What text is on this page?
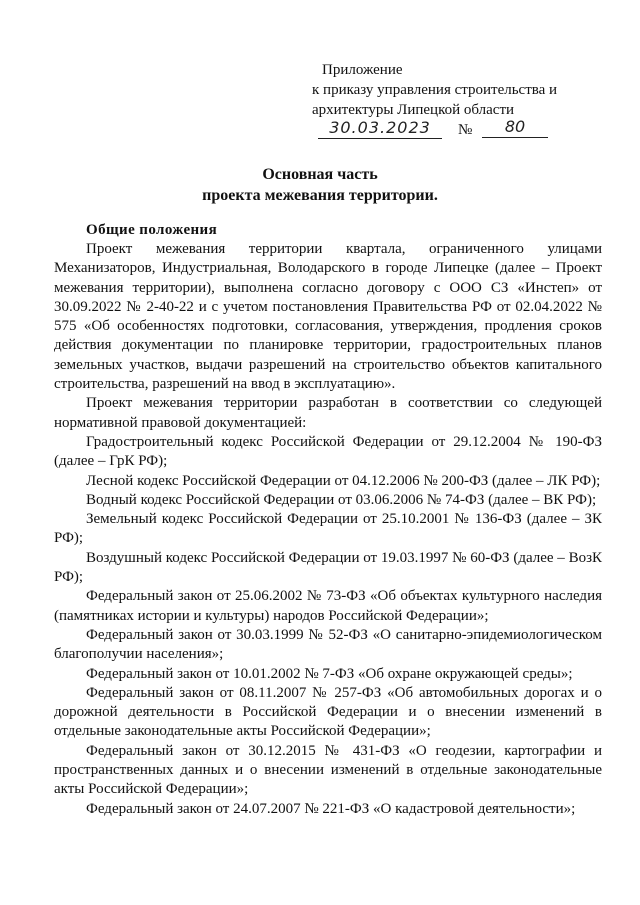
Приложение
к приказу управления строительства и
архитектуры Липецкой области
30.03.2023	№	80
Основная часть
проекта межевания территории.
Общие положения

Проект межевания территории квартала, ограниченного улицами Механизаторов, Индустриальная, Володарского в городе Липецке (далее – Проект межевания территории), выполнена согласно договору с ООО СЗ «Инстеп» от 30.09.2022 № 2-40-22 и с учетом постановления Правительства РФ от 02.04.2022 № 575 «Об особенностях подготовки, согласования, утверждения, продления сроков действия документации по планировке территории, градостроительных планов земельных участков, выдачи разрешений на строительство объектов капитального строительства, разрешений на ввод в эксплуатацию».

Проект межевания территории разработан в соответствии со следующей нормативной правовой документацией:

Градостроительный кодекс Российской Федерации от 29.12.2004 № 190-ФЗ (далее – ГрК РФ);

Лесной кодекс Российской Федерации от 04.12.2006 № 200-ФЗ (далее – ЛК РФ);

Водный кодекс Российской Федерации от 03.06.2006 № 74-ФЗ (далее – ВК РФ);

Земельный кодекс Российской Федерации от 25.10.2001 № 136-ФЗ (далее – ЗК РФ);

Воздушный кодекс Российской Федерации от 19.03.1997 № 60-ФЗ (далее – ВозК РФ);

Федеральный закон от 25.06.2002 № 73-ФЗ «Об объектах культурного наследия (памятниках истории и культуры) народов Российской Федерации»;

Федеральный закон от 30.03.1999 № 52-ФЗ «О санитарно-эпидемиологическом благополучии населения»;

Федеральный закон от 10.01.2002 № 7-ФЗ «Об охране окружающей среды»;

Федеральный закон от 08.11.2007 № 257-ФЗ «Об автомобильных дорогах и о дорожной деятельности в Российской Федерации и о внесении изменений в отдельные законодательные акты Российской Федерации»;

Федеральный закон от 30.12.2015 № 431-ФЗ «О геодезии, картографии и пространственных данных и о внесении изменений в отдельные законодательные акты Российской Федерации»;

Федеральный закон от 24.07.2007 № 221-ФЗ «О кадастровой деятельности»;
